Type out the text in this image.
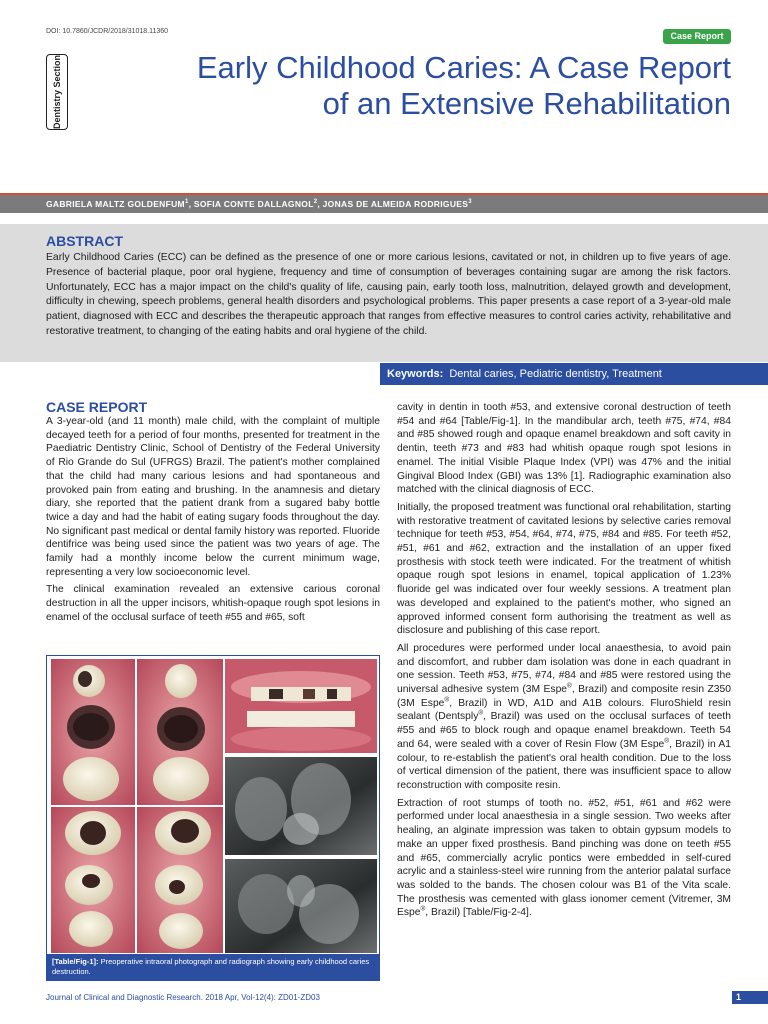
DOI: 10.7860/JCDR/2018/31018.11360	Case Report
Dentistry Section	Early Childhood Caries: A Case Report
of an Extensive Rehabilitation
GABRIELA MALTZ GOLDENFUM$^1$, SOFIA CONTE DALLAGNOL$^2$, JONAS DE ALMEIDA RODRIGUES$^3$
ABSTRACT
Early Childhood Caries (ECC) can be defined as the presence of one or more carious lesions, cavitated or not, in children up to five years of age. Presence of bacterial plaque, poor oral hygiene, frequency and time of consumption of beverages containing sugar are among the risk factors. Unfortunately, ECC has a major impact on the child's quality of life, causing pain, early tooth loss, malnutrition, delayed growth and development, difficulty in chewing, speech problems, general health disorders and psychological problems. This paper presents a case report of a 3-year-old male patient, diagnosed with ECC and describes the therapeutic approach that ranges from effective measures to control caries activity, rehabilitative and restorative treatment, to changing of the eating habits and oral hygiene of the child.
Keywords: Dental caries, Pediatric dentistry, Treatment
CASE REPORT

A 3-year-old (and 11 month) male child, with the complaint of multiple decayed teeth for a period of four months, presented for treatment in the Paediatric Dentistry Clinic, School of Dentistry of the Federal University of Rio Grande do Sul (UFRGS) Brazil. The patient's mother complained that the child had many carious lesions and had spontaneous and provoked pain from eating and brushing. In the anamnesis and dietary diary, she reported that the patient drank from a sugared baby bottle twice a day and had the habit of eating sugary foods throughout the day. No significant past medical or dental family history was reported. Fluoride dentifrice was being used since the patient was two years of age. The family had a monthly income below the current minimum wage, representing a very low socioeconomic level.

The clinical examination revealed an extensive carious coronal destruction in all the upper incisors, whitish-opaque rough spot lesions in enamel of the occlusal surface of teeth #55 and #65, soft

[Table/Fig-1]: Preoperative intraoral photograph and radiograph showing early childhood caries destruction.

cavity in dentin in tooth #53, and extensive coronal destruction of teeth #54 and #64 [Table/Fig-1]. In the mandibular arch, teeth #75, #74, #84 and #85 showed rough and opaque enamel breakdown and soft cavity in dentin, teeth #73 and #83 had whitish opaque rough spot lesions in enamel. The initial Visible Plaque Index (VPI) was 47% and the initial Gingival Blood Index (GBI) was 13% [1]. Radiographic examination also matched with the clinical diagnosis of ECC.

Initially, the proposed treatment was functional oral rehabilitation, starting with restorative treatment of cavitated lesions by selective caries removal technique for teeth #53, #54, #64, #74, #75, #84 and #85. For teeth #52, #51, #61 and #62, extraction and the installation of an upper fixed prosthesis with stock teeth were indicated. For the treatment of whitish opaque rough spot lesions in enamel, topical application of 1.23% fluoride gel was indicated over four weekly sessions. A treatment plan was developed and explained to the patient's mother, who signed an approved informed consent form authorising the treatment as well as disclosure and publishing of this case report.

All procedures were performed under local anaesthesia, to avoid pain and discomfort, and rubber dam isolation was done in each quadrant in one session. Teeth #53, #75, #74, #84 and #85 were restored using the universal adhesive system (3M Espe®, Brazil) and composite resin Z350 (3M Espe®, Brazil) in WD, A1D and A1B colours. FluroShield resin sealant (Dentsply®, Brazil) was used on the occlusal surfaces of teeth #55 and #65 to block rough and opaque enamel breakdown. Teeth 54 and 64, were sealed with a cover of Resin Flow (3M Espe®, Brazil) in A1 colour, to re-establish the patient's oral health condition. Due to the loss of vertical dimension of the patient, there was insufficient space to allow reconstruction with composite resin.

Extraction of root stumps of tooth no. #52, #51, #61 and #62 were performed under local anaesthesia in a single session. Two weeks after healing, an alginate impression was taken to obtain gypsum models to make an upper fixed prosthesis. Band pinching was done on teeth #55 and #65, commercially acrylic pontics were embedded in self-cured acrylic and a stainless-steel wire running from the anterior palatal surface was solded to the bands. The chosen colour was B1 of the Vita scale. The prosthesis was cemented with glass ionomer cement (Vitremer, 3M Espe®, Brazil) [Table/Fig-2-4].

Journal of Clinical and Diagnostic Research. 2018 Apr, Vol-12(4): ZD01-ZD03	1
